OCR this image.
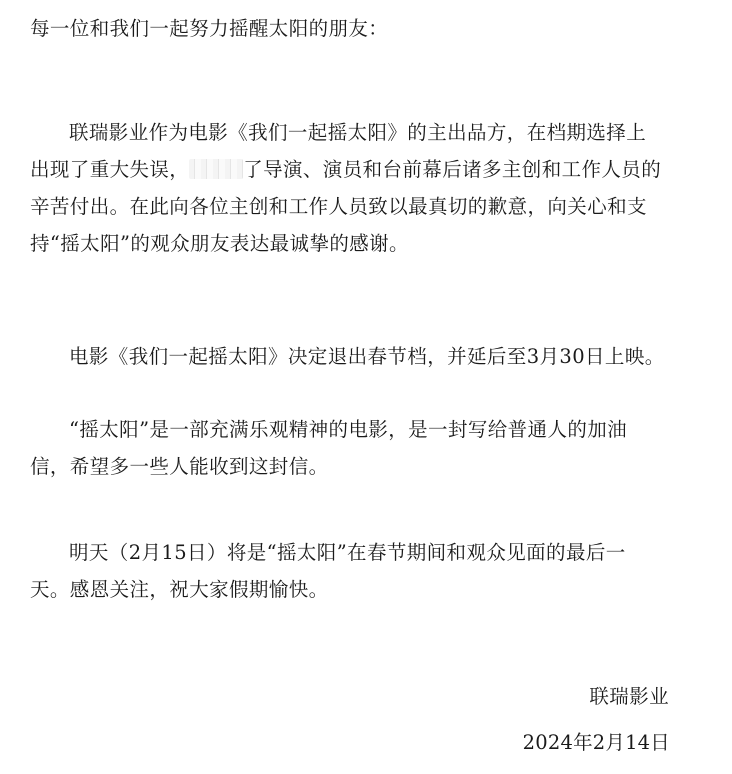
每一位和我们一起努力摇醒太阳的朋友：
联瑞影业作为电影《我们一起摇太阳》的主出品方，在档期选择上
出现了重大失误，	了导演、演员和台前幕后诸多主创和工作人员的
辛苦付出。在此向各位主创和工作人员致以最真切的歉意，向关心和支
持“摇太阳”的观众朋友表达最诚挚的感谢。
电影《我们一起摇太阳》决定退出春节档，并延后至3月30日上映。
“摇太阳”是一部充满乐观精神的电影，是一封写给普通人的加油
信，希望多一些人能收到这封信。
明天（2月15日）将是“摇太阳”在春节期间和观众见面的最后一
天。感恩关注，祝大家假期愉快。
联瑞影业
2024年2月14日
